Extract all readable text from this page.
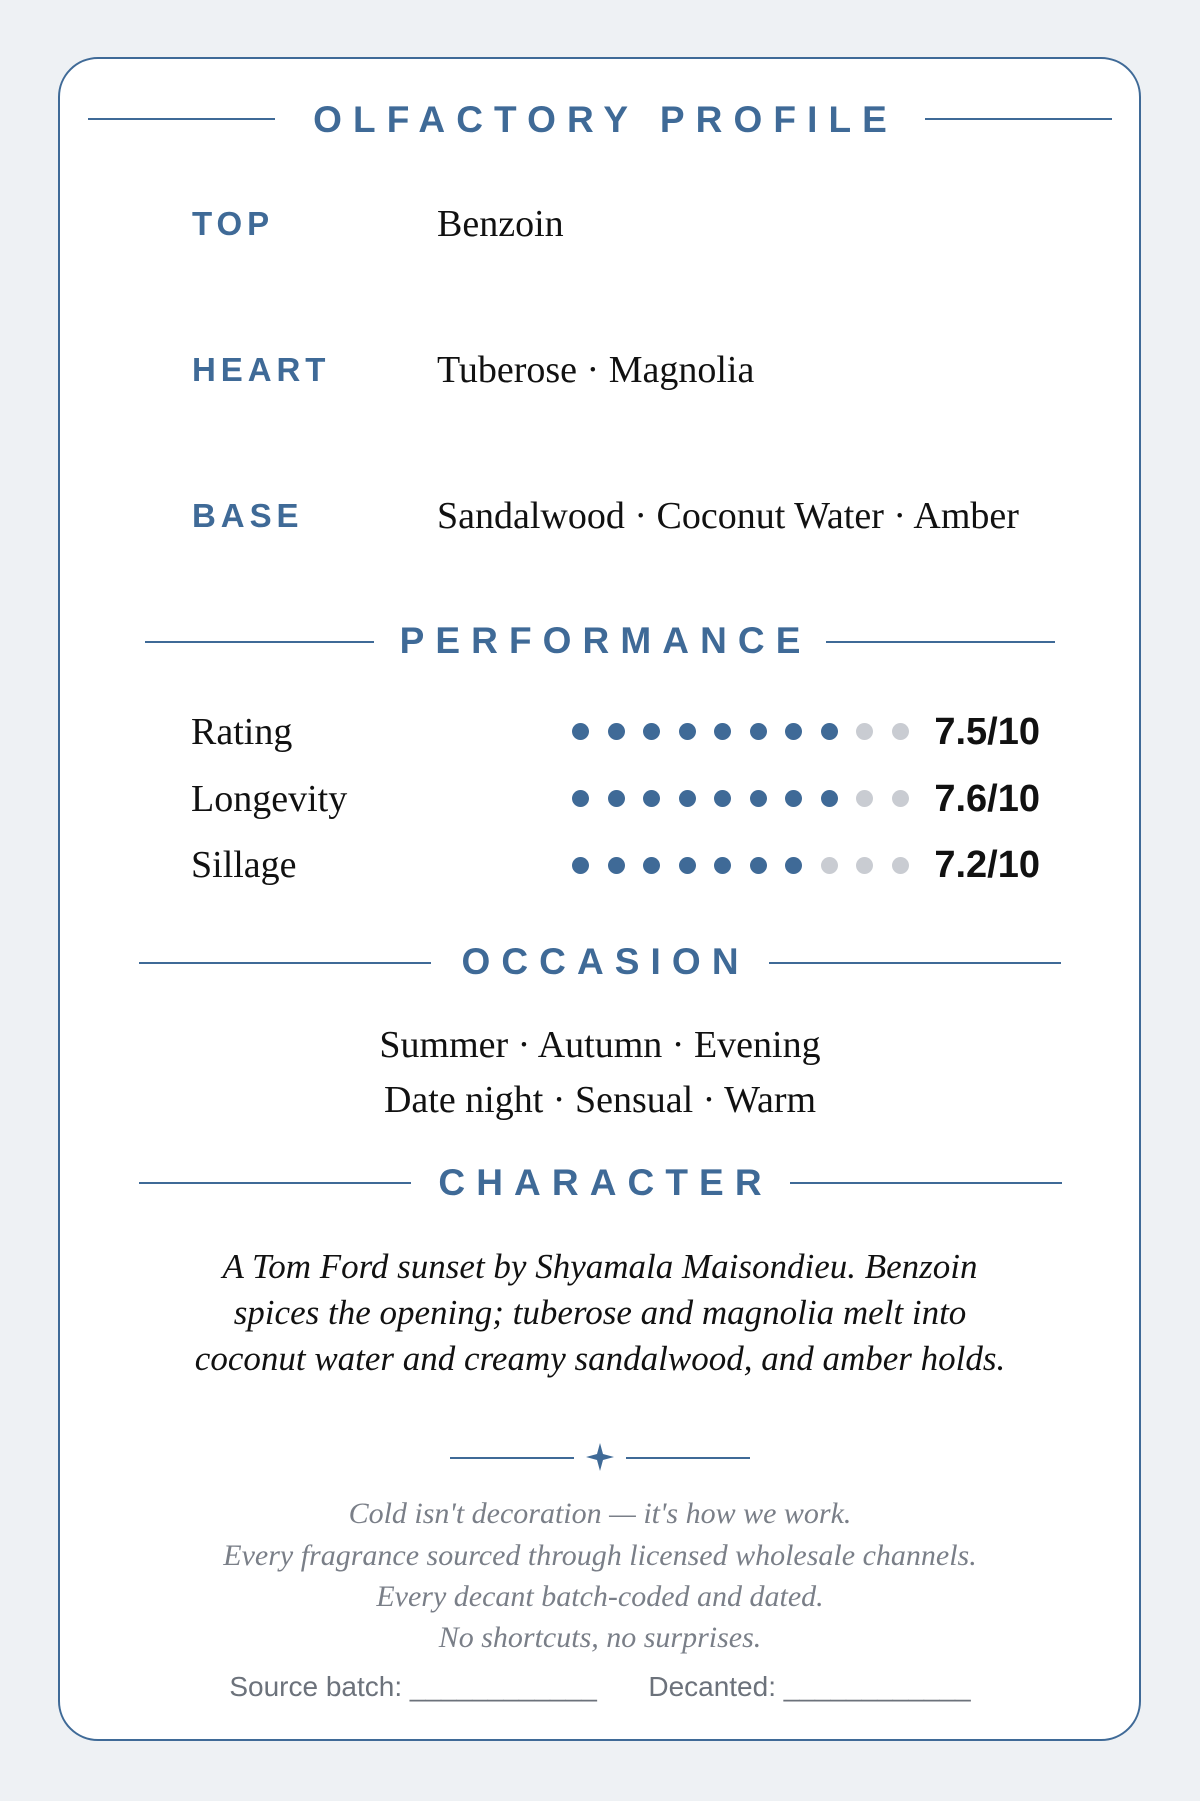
OLFACTORY PROFILE
TOP	Benzoin
HEART	Tuberose · Magnolia
BASE	Sandalwood · Coconut Water · Amber
PERFORMANCE
Rating	7.5/10
Longevity	7.6/10
Sillage	7.2/10
OCCASION
Summer · Autumn · Evening
Date night · Sensual · Warm
CHARACTER
A Tom Ford sunset by Shyamala Maisondieu. Benzoin
spices the opening; tuberose and magnolia melt into
coconut water and creamy sandalwood, and amber holds.
Cold isn't decoration — it's how we work.
Every fragrance sourced through licensed wholesale channels.
Every decant batch-coded and dated.
No shortcuts, no surprises.
Source batch: ____________ Decanted: ____________
